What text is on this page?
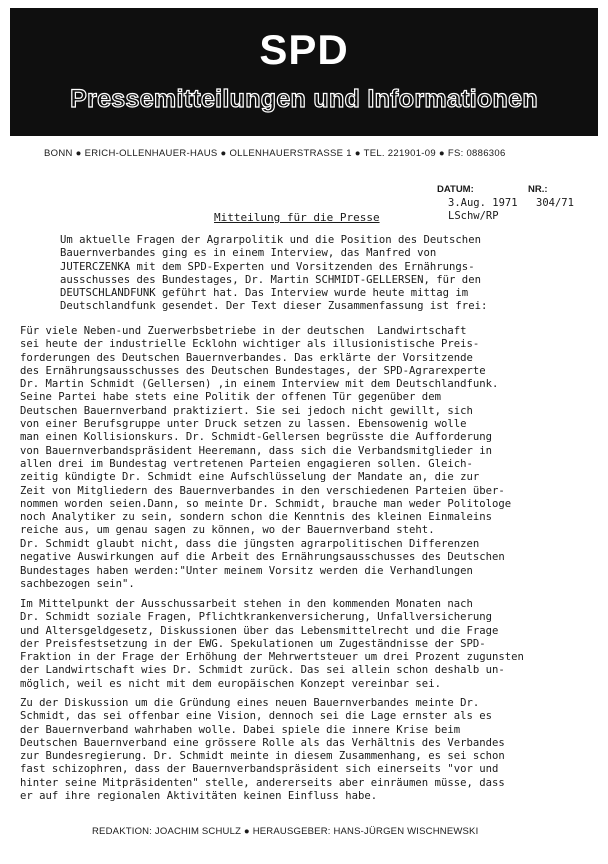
SPD
Pressemitteilungen und Informationen
BONN ● ERICH-OLLENHAUER-HAUS ● OLLENHAUERSTRASSE 1 ● TEL. 221901-09 ● FS: 0886306
DATUM:	NR.:
3.Aug. 1971 304/71
LSchw/RP
Mitteilung für die Presse
Um aktuelle Fragen der Agrarpolitik und die Position des Deutschen
Bauernverbandes ging es in einem Interview, das Manfred von
JUTERCZENKA mit dem SPD-Experten und Vorsitzenden des Ernährungs-
ausschusses des Bundestages, Dr. Martin SCHMIDT-GELLERSEN, für den
DEUTSCHLANDFUNK geführt hat. Das Interview wurde heute mittag im
Deutschlandfunk gesendet. Der Text dieser Zusammenfassung ist frei:
Für viele Neben-und Zuerwerbsbetriebe in der deutschen  Landwirtschaft
sei heute der industrielle Ecklohn wichtiger als illusionistische Preis-
forderungen des Deutschen Bauernverbandes. Das erklärte der Vorsitzende
des Ernährungsausschusses des Deutschen Bundestages, der SPD-Agrarexperte
Dr. Martin Schmidt (Gellersen) ,in einem Interview mit dem Deutschlandfunk.
Seine Partei habe stets eine Politik der offenen Tür gegenüber dem
Deutschen Bauernverband praktiziert. Sie sei jedoch nicht gewillt, sich
von einer Berufsgruppe unter Druck setzen zu lassen. Ebensowenig wolle
man einen Kollisionskurs. Dr. Schmidt-Gellersen begrüsste die Aufforderung
von Bauernverbandspräsident Heeremann, dass sich die Verbandsmitglieder in
allen drei im Bundestag vertretenen Parteien engagieren sollen. Gleich-
zeitig kündigte Dr. Schmidt eine Aufschlüsselung der Mandate an, die zur
Zeit von Mitgliedern des Bauernverbandes in den verschiedenen Parteien über-
nommen worden seien.Dann, so meinte Dr. Schmidt, brauche man weder Politologe
noch Analytiker zu sein, sondern schon die Kenntnis des kleinen Einmaleins
reiche aus, um genau sagen zu können, wo der Bauernverband steht.
Dr. Schmidt glaubt nicht, dass die jüngsten agrarpolitischen Differenzen
negative Auswirkungen auf die Arbeit des Ernährungsausschusses des Deutschen
Bundestages haben werden:"Unter meinem Vorsitz werden die Verhandlungen
sachbezogen sein".
Im Mittelpunkt der Ausschussarbeit stehen in den kommenden Monaten nach
Dr. Schmidt soziale Fragen, Pflichtkrankenversicherung, Unfallversicherung
und Altersgeldgesetz, Diskussionen über das Lebensmittelrecht und die Frage
der Preisfestsetzung in der EWG. Spekulationen um Zugeständnisse der SPD-
Fraktion in der Frage der Erhöhung der Mehrwertsteuer um drei Prozent zugunsten
der Landwirtschaft wies Dr. Schmidt zurück. Das sei allein schon deshalb un-
möglich, weil es nicht mit dem europäischen Konzept vereinbar sei.
Zu der Diskussion um die Gründung eines neuen Bauernverbandes meinte Dr.
Schmidt, das sei offenbar eine Vision, dennoch sei die Lage ernster als es
der Bauernverband wahrhaben wolle. Dabei spiele die innere Krise beim
Deutschen Bauernverband eine grössere Rolle als das Verhältnis des Verbandes
zur Bundesregierung. Dr. Schmidt meinte in diesem Zusammenhang, es sei schon
fast schizophren, dass der Bauernverbandspräsident sich einerseits "vor und
hinter seine Mitpräsidenten" stelle, andererseits aber einräumen müsse, dass
er auf ihre regionalen Aktivitäten keinen Einfluss habe.
REDAKTION: JOACHIM SCHULZ ● HERAUSGEBER: HANS-JÜRGEN WISCHNEWSKI
